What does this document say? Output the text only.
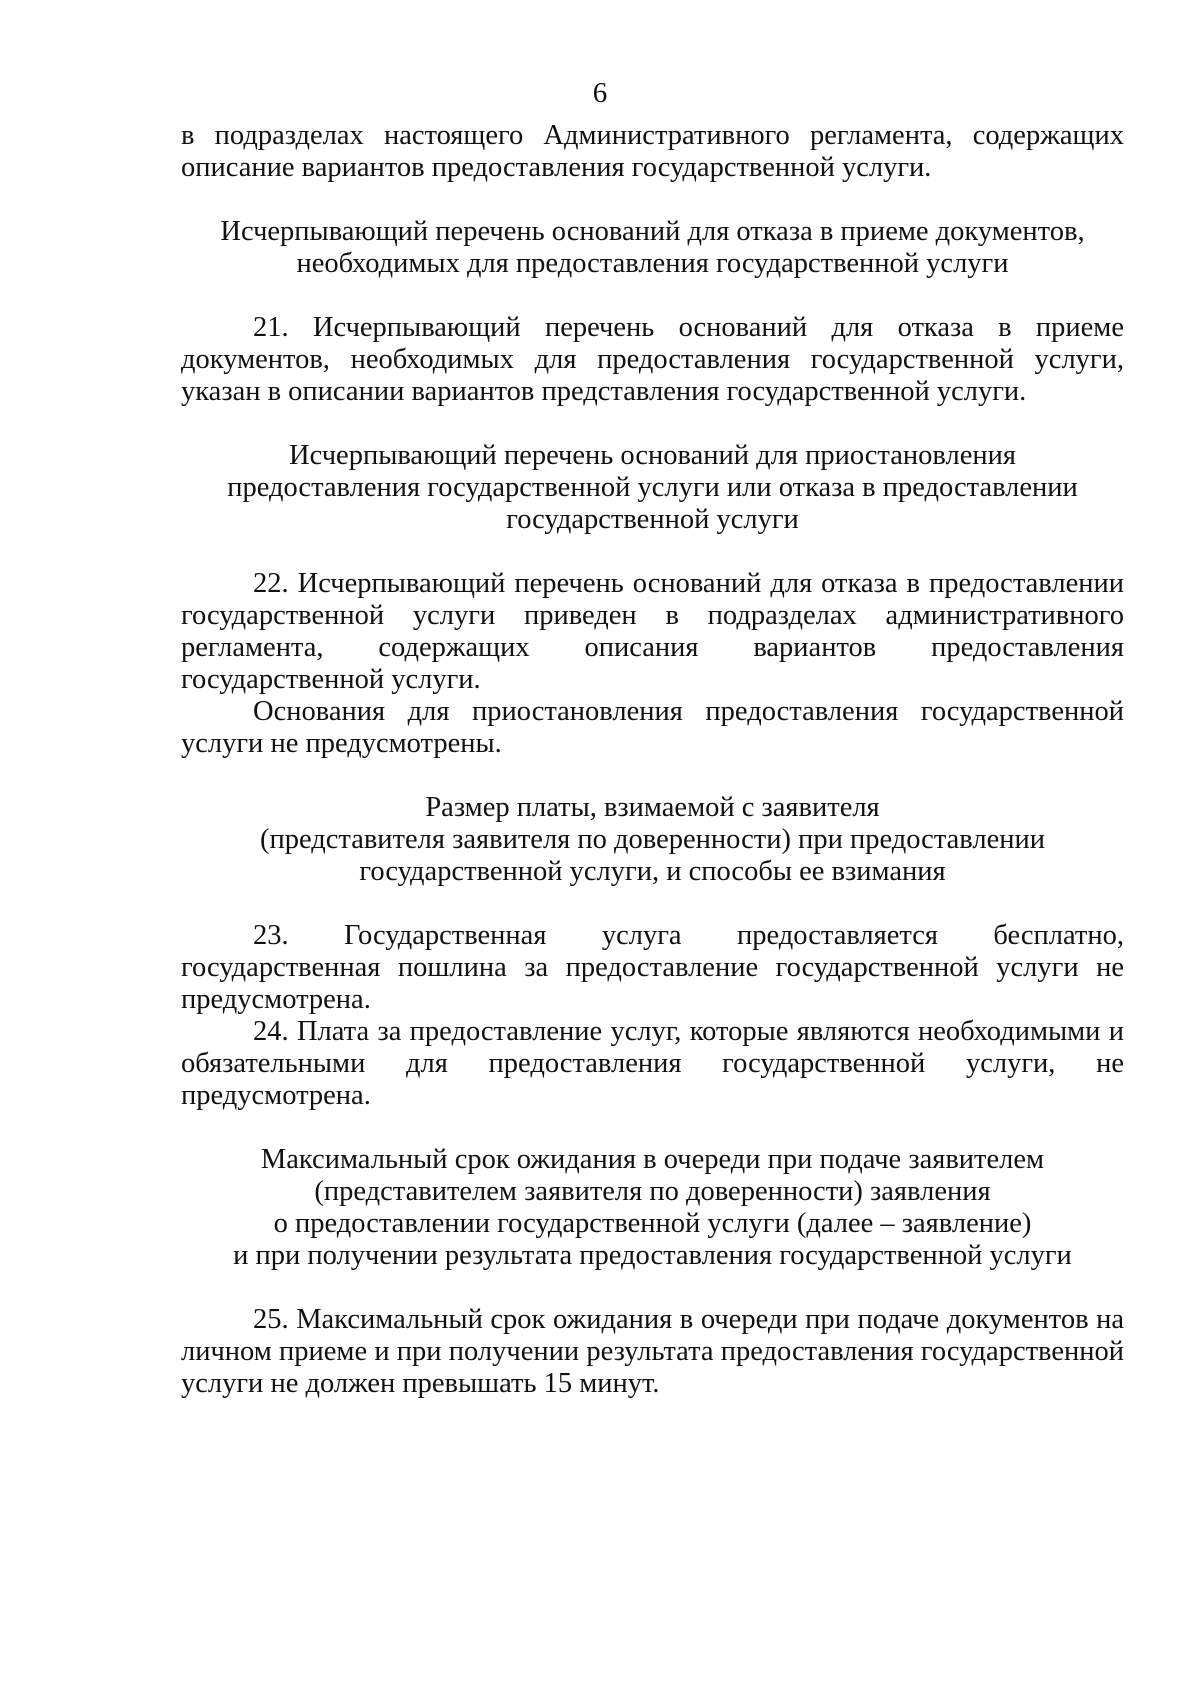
6

в подразделах настоящего Административного регламента, содержащих описание вариантов предоставления государственной услуги.

Исчерпывающий перечень оснований для отказа в приеме документов,
необходимых для предоставления государственной услуги

21. Исчерпывающий перечень оснований для отказа в приеме документов, необходимых для предоставления государственной услуги, указан в описании вариантов представления государственной услуги.

Исчерпывающий перечень оснований для приостановления
предоставления государственной услуги или отказа в предоставлении
государственной услуги

22. Исчерпывающий перечень оснований для отказа в предоставлении государственной услуги приведен в подразделах административного регламента, содержащих описания вариантов предоставления государственной услуги.

Основания для приостановления предоставления государственной услуги не предусмотрены.

Размер платы, взимаемой с заявителя
(представителя заявителя по доверенности) при предоставлении
государственной услуги, и способы ее взимания

23. Государственная услуга предоставляется бесплатно, государственная пошлина за предоставление государственной услуги не предусмотрена.

24. Плата за предоставление услуг, которые являются необходимыми и обязательными для предоставления государственной услуги, не предусмотрена.

Максимальный срок ожидания в очереди при подаче заявителем
(представителем заявителя по доверенности) заявления
о предоставлении государственной услуги (далее – заявление)
и при получении результата предоставления государственной услуги

25. Максимальный срок ожидания в очереди при подаче документов на личном приеме и при получении результата предоставления государственной услуги не должен превышать 15 минут.
